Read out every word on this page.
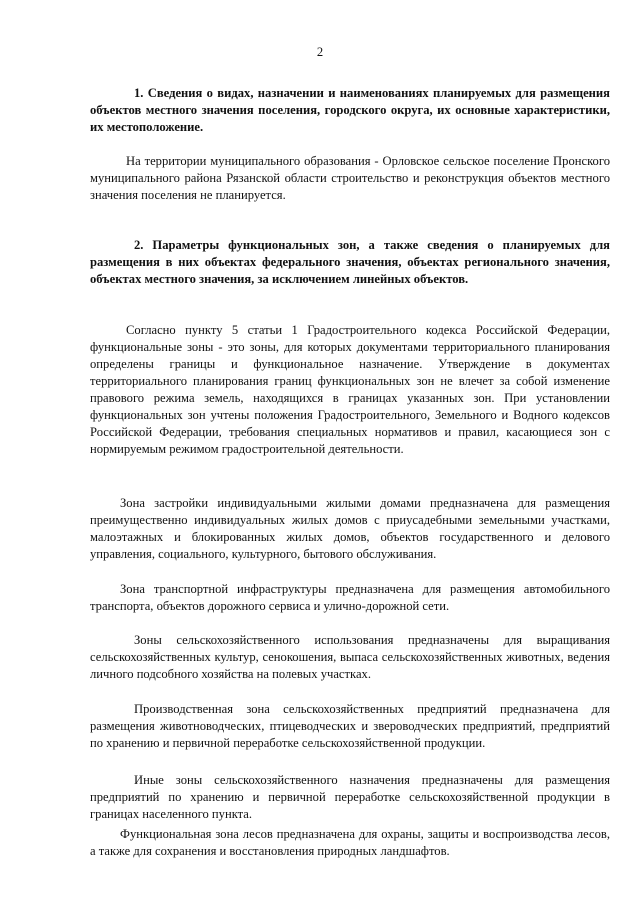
2

1. Сведения о видах, назначении и наименованиях планируемых для размещения объектов местного значения поселения, городского округа, их основные характеристики, их местоположение.

На территории муниципального образования - Орловское сельское поселение Пронского муниципального района Рязанской области строительство и реконструкция объектов местного значения поселения не планируется.

2. Параметры функциональных зон, а также сведения о планируемых для размещения в них объектах федерального значения, объектах регионального значения, объектах местного значения, за исключением линейных объектов.

Согласно пункту 5 статьи 1 Градостроительного кодекса Российской Федерации, функциональные зоны - это зоны, для которых документами территориального планирования определены границы и функциональное назначение. Утверждение в документах территориального планирования границ функциональных зон не влечет за собой изменение правового режима земель, находящихся в границах указанных зон. При установлении функциональных зон учтены положения Градостроительного, Земельного и Водного кодексов Российской Федерации, требования специальных нормативов и правил, касающиеся зон с нормируемым режимом градостроительной деятельности.

Зона застройки индивидуальными жилыми домами предназначена для размещения преимущественно индивидуальных жилых домов с приусадебными земельными участками, малоэтажных и блокированных жилых домов, объектов государственного и делового управления, социального, культурного, бытового обслуживания.

Зона транспортной инфраструктуры предназначена для размещения автомобильного транспорта, объектов дорожного сервиса и улично-дорожной сети.

Зоны сельскохозяйственного использования предназначены для выращивания сельскохозяйственных культур, сенокошения, выпаса сельскохозяйственных животных, ведения личного подсобного хозяйства на полевых участках.

Производственная зона сельскохозяйственных предприятий предназначена для размещения животноводческих, птицеводческих и звероводческих предприятий, предприятий по хранению и первичной переработке сельскохозяйственной продукции.

Иные зоны сельскохозяйственного назначения предназначены для размещения предприятий по хранению и первичной переработке сельскохозяйственной продукции в границах населенного пункта.

Функциональная зона лесов предназначена для охраны, защиты и воспроизводства лесов, а также для сохранения и восстановления природных ландшафтов.
